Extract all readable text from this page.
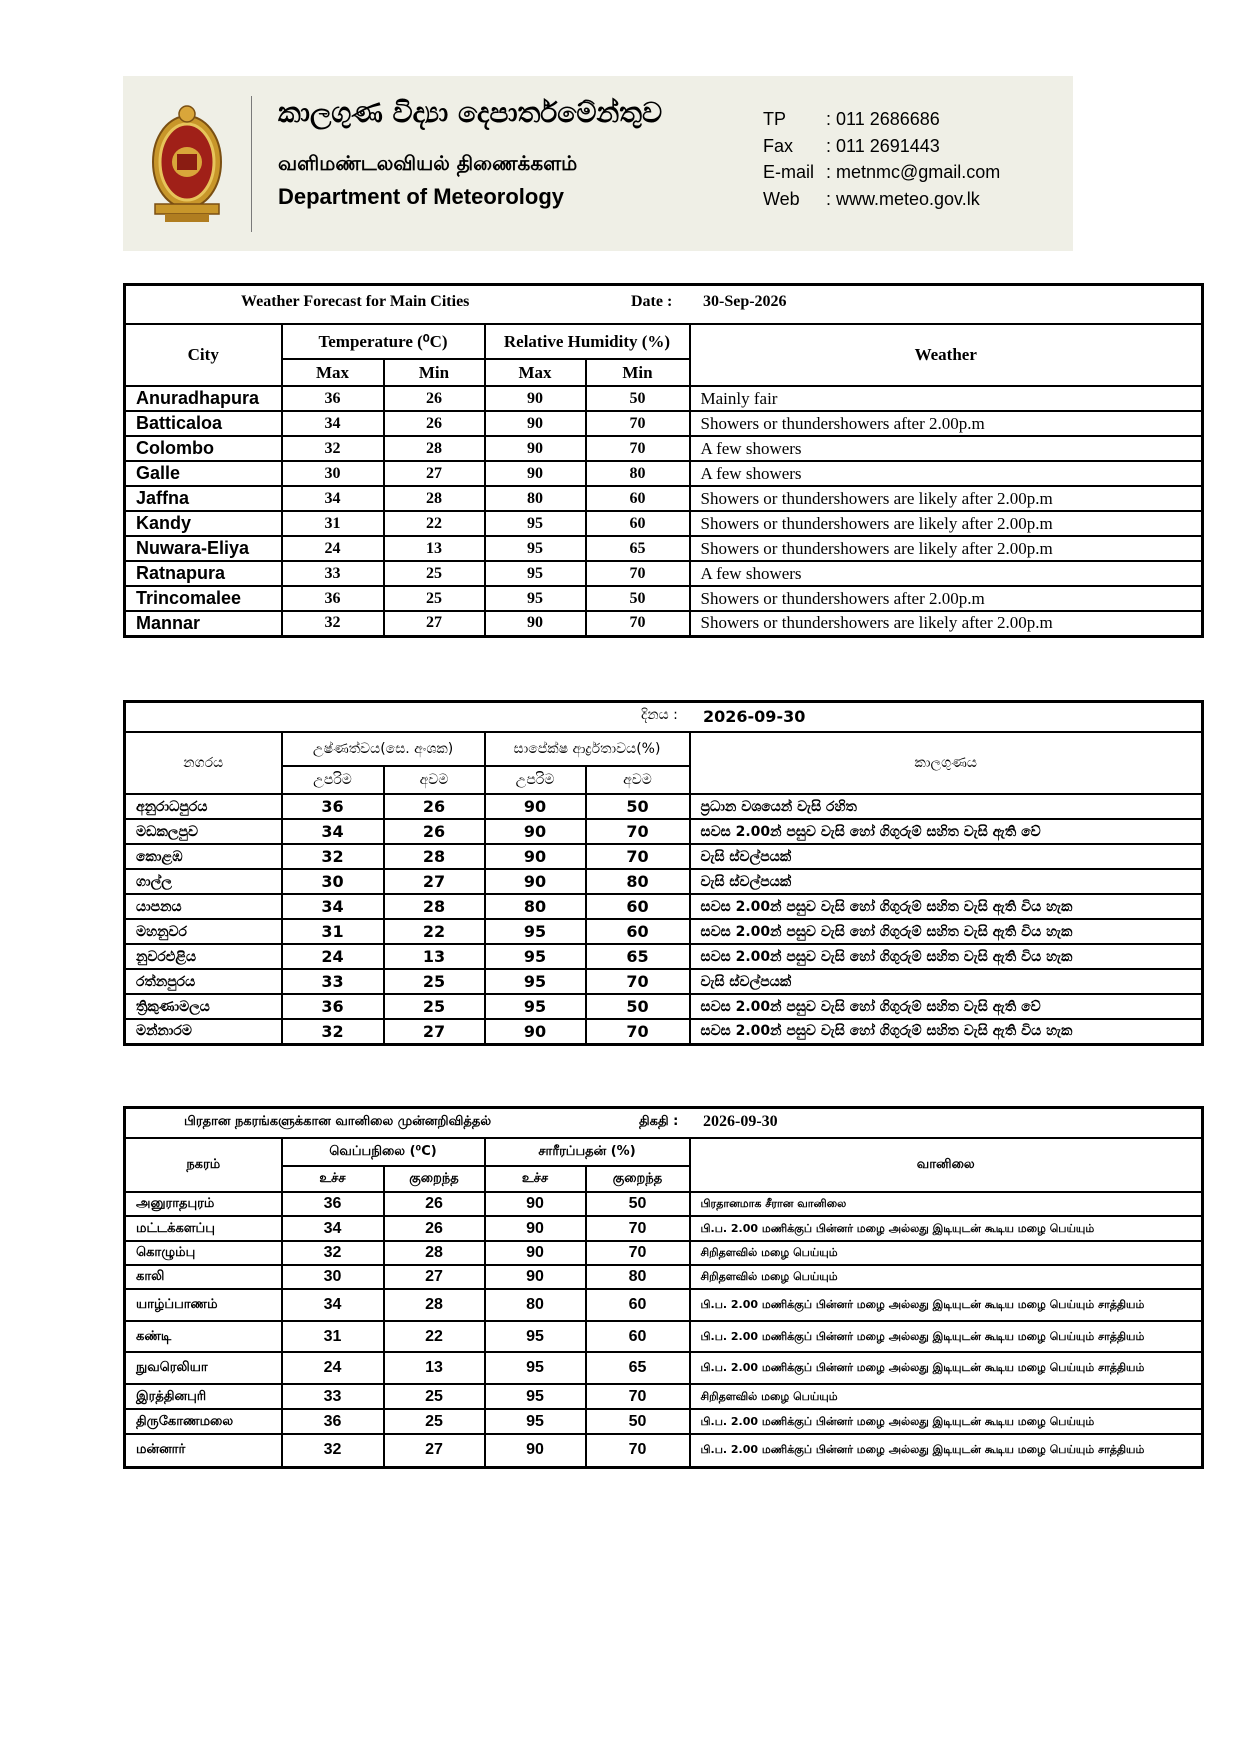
කාලගුණ විද්‍යා දෙපාර්තමේන්තුව
வளிமண்டலவியல் திணைக்களம்
Department of Meteorology
TP	: 011 2686686
Fax	: 011 2691443
E-mail : metnmc@gmail.com
Web	: www.meteo.gov.lk
Weather Forecast for Main Cities Date : 30-Sep-2026					

City	Temperature (⁰C)		Relative Humidity (%)		Weather
	Max	Min	Max	Min	
Anuradhapura	36	26	90	50	Mainly fair
Batticaloa	34	26	90	70	Showers or thundershowers after 2.00p.m
Colombo	32	28	90	70	A few showers
Galle	30	27	90	80	A few showers
Jaffna	34	28	80	60	Showers or thundershowers are likely after 2.00p.m
Kandy	31	22	95	60	Showers or thundershowers are likely after 2.00p.m
Nuwara-Eliya	24	13	95	65	Showers or thundershowers are likely after 2.00p.m
Ratnapura	33	25	95	70	A few showers
Trincomalee	36	25	95	50	Showers or thundershowers after 2.00p.m
Mannar	32	27	90	70	Showers or thundershowers are likely after 2.00p.m
දිනය : 2026-09-30					

නගරය	උෂ්ණත්වය(සෙ. අංශක)		සාපේක්ෂ ආර්ද්‍රතාවය(%)		කාලගුණය
	උපරිම	අවම	උපරිම	අවම	
අනුරාධපුරය	36	26	90	50	ප්‍රධාන වශයෙන් වැසි රහිත
මඩකලපුව	34	26	90	70	සවස 2.00න් පසුව වැසි හෝ ගිගුරුම් සහිත වැසි ඇති වේ
කොළඹ	32	28	90	70	වැසි ස්වල්පයක්
ගාල්ල	30	27	90	80	වැසි ස්වල්පයක්
යාපනය	34	28	80	60	සවස 2.00න් පසුව වැසි හෝ ගිගුරුම් සහිත වැසි ඇති විය හැක
මහනුවර	31	22	95	60	සවස 2.00න් පසුව වැසි හෝ ගිගුරුම් සහිත වැසි ඇති විය හැක
නුවරඑළිය	24	13	95	65	සවස 2.00න් පසුව වැසි හෝ ගිගුරුම් සහිත වැසි ඇති විය හැක
රත්නපුරය	33	25	95	70	වැසි ස්වල්පයක්
ත්‍රිකුණාමලය	36	25	95	50	සවස 2.00න් පසුව වැසි හෝ ගිගුරුම් සහිත වැසි ඇති වේ
මන්නාරම	32	27	90	70	සවස 2.00න් පසුව වැසි හෝ ගිගුරුම් සහිත වැසි ඇති විය හැක
பிரதான நகரங்களுக்கான வானிலை முன்னறிவித்தல் திகதி : 2026-09-30					

நகரம்	வெப்பநிலை (⁰C)		சாரீரப்பதன் (%)		வானிலை
	உச்ச	குறைந்த	உச்ச	குறைந்த	
அனுராதபுரம்	36	26	90	50	பிரதானமாக சீரான வானிலை
மட்டக்களப்பு	34	26	90	70	பி.ப. 2.00 மணிக்குப் பின்னர் மழை அல்லது இடியுடன் கூடிய மழை பெய்யும்
கொழும்பு	32	28	90	70	சிறிதளவில் மழை பெய்யும்
காலி	30	27	90	80	சிறிதளவில் மழை பெய்யும்
யாழ்ப்பாணம்	34	28	80	60	பி.ப. 2.00 மணிக்குப் பின்னர் மழை அல்லது இடியுடன் கூடிய மழை பெய்யும் சாத்தியம்
கண்டி	31	22	95	60	பி.ப. 2.00 மணிக்குப் பின்னர் மழை அல்லது இடியுடன் கூடிய மழை பெய்யும் சாத்தியம்
நுவரெலியா	24	13	95	65	பி.ப. 2.00 மணிக்குப் பின்னர் மழை அல்லது இடியுடன் கூடிய மழை பெய்யும் சாத்தியம்
இரத்தினபுரி	33	25	95	70	சிறிதளவில் மழை பெய்யும்
திருகோணமலை	36	25	95	50	பி.ப. 2.00 மணிக்குப் பின்னர் மழை அல்லது இடியுடன் கூடிய மழை பெய்யும்
மன்னார்	32	27	90	70	பி.ப. 2.00 மணிக்குப் பின்னர் மழை அல்லது இடியுடன் கூடிய மழை பெய்யும் சாத்தியம்
